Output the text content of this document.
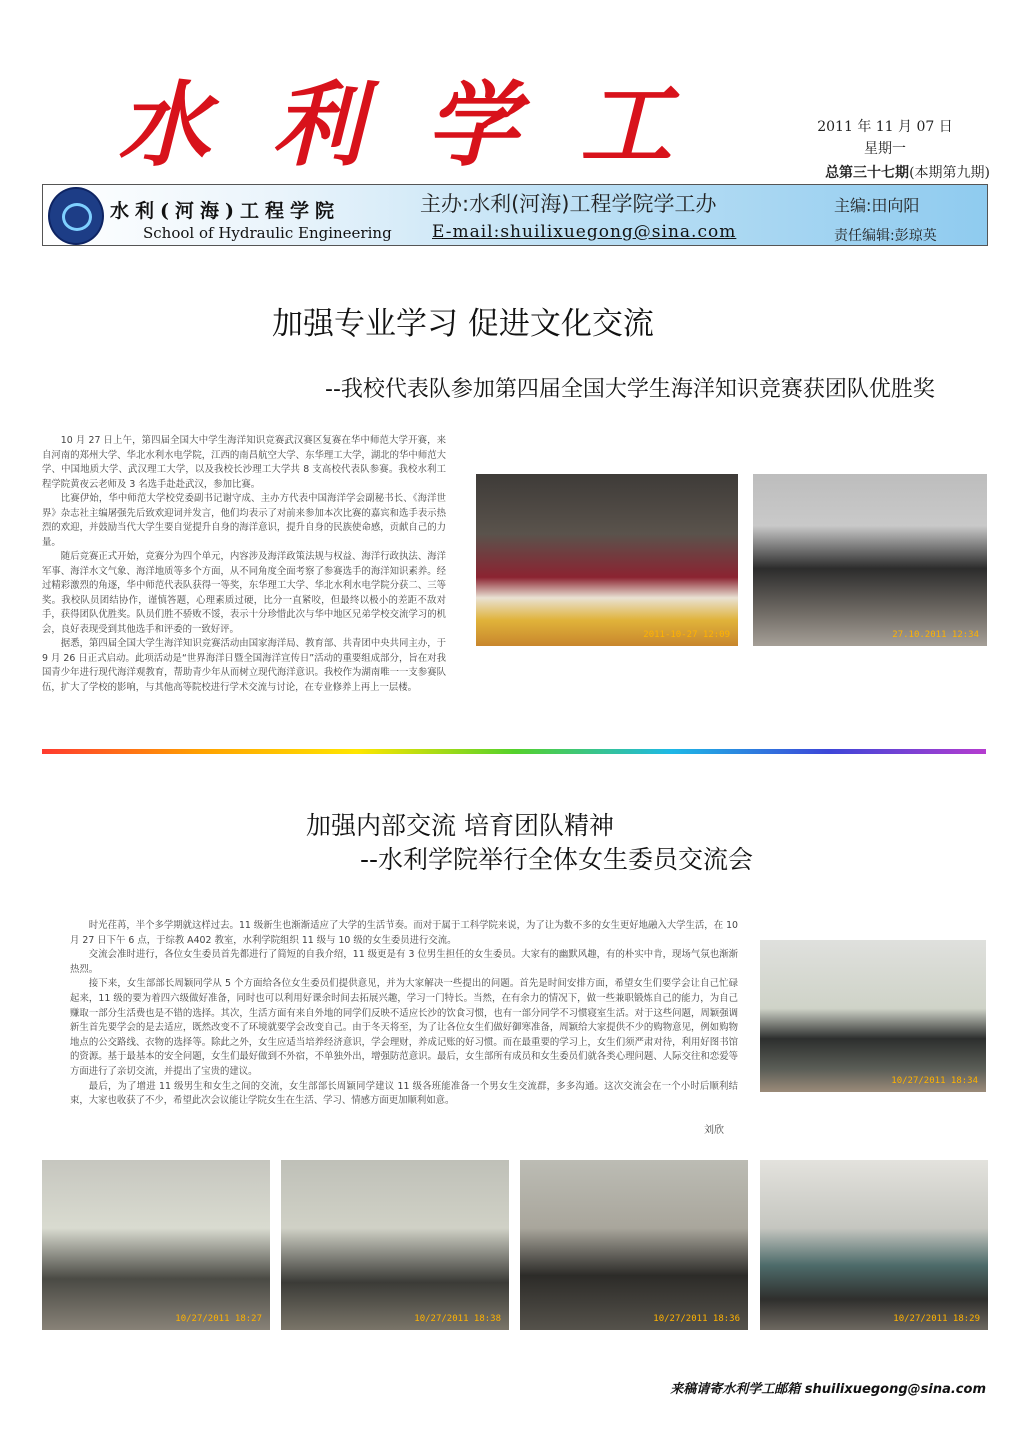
水利学工	2011 年 11 月 07 日
星期一
总第三十七期(本期第九期)
水利(河海)工程学院
School of Hydraulic Engineering
主办:水利(河海)工程学院学工办
E-mail:shuilixuegong@sina.com
主编:田向阳
责任编辑:彭琼英
加强专业学习 促进文化交流
--我校代表队参加第四届全国大学生海洋知识竞赛获团队优胜奖

10 月 27 日上午，第四届全国大中学生海洋知识竞赛武汉赛区复赛在华中师范大学开赛，来自河南的郑州大学、华北水利水电学院，江西的南昌航空大学、东华理工大学，湖北的华中师范大学、中国地质大学、武汉理工大学，以及我校长沙理工大学共 8 支高校代表队参赛。我校水利工程学院黄夜云老师及 3 名选手赴赴武汉，参加比赛。

比赛伊始，华中师范大学校党委副书记谢守成、主办方代表中国海洋学会副秘书长、《海洋世界》杂志社主编屠强先后致欢迎词并发言，他们均表示了对前来参加本次比赛的嘉宾和选手表示热烈的欢迎，并鼓励当代大学生要自觉提升自身的海洋意识，提升自身的民族使命感，贡献自己的力量。

随后竞赛正式开始，竞赛分为四个单元，内容涉及海洋政策法规与权益、海洋行政执法、海洋军事、海洋水文气象、海洋地质等多个方面，从不同角度全面考察了参赛选手的海洋知识素养。经过精彩激烈的角逐，华中师范代表队获得一等奖，东华理工大学、华北水利水电学院分获二、三等奖。我校队员团结协作，谨慎答题，心理素质过硬，比分一直紧咬，但最终以极小的差距不敌对手，获得团队优胜奖。队员们胜不骄败不馁，表示十分珍惜此次与华中地区兄弟学校交流学习的机会，良好表现受到其他选手和评委的一致好评。

据悉，第四届全国大学生海洋知识竞赛活动由国家海洋局、教育部、共青团中央共同主办，于 9 月 26 日正式启动。此项活动是“世界海洋日暨全国海洋宣传日”活动的重要组成部分，旨在对我国青少年进行现代海洋观教育，帮助青少年从而树立现代海洋意识。我校作为湖南唯一一支参赛队伍，扩大了学校的影响，与其他高等院校进行学术交流与讨论，在专业修养上再上一层楼。

2011-10-27 12:09	27.10.2011 12:34
加强内部交流 培育团队精神
--水利学院举行全体女生委员交流会

时光荏苒，半个多学期就这样过去。11 级新生也渐渐适应了大学的生活节奏。而对于属于工科学院来说，为了让为数不多的女生更好地融入大学生活，在 10 月 27 日下午 6 点，于综教 A402 教室，水利学院组织 11 级与 10 级的女生委员进行交流。

交流会准时进行，各位女生委员首先都进行了简短的自我介绍，11 级更是有 3 位男生担任的女生委员。大家有的幽默风趣，有的朴实中肯，现场气氛也渐渐热烈。

接下来，女生部部长周颖同学从 5 个方面给各位女生委员们提供意见，并为大家解决一些提出的问题。首先是时间安排方面，希望女生们要学会让自己忙碌起来，11 级的要为着四六级做好准备，同时也可以利用好课余时间去拓展兴趣，学习一门特长。当然，在有余力的情况下，做一些兼职锻炼自己的能力，为自己赚取一部分生活费也是不错的选择。其次，生活方面有来自外地的同学们反映不适应长沙的饮食习惯，也有一部分同学不习惯寝室生活。对于这些问题，周颖强调新生首先要学会的是去适应，既然改变不了环境就要学会改变自己。由于冬天将至，为了让各位女生们做好御寒准备，周颖给大家提供不少的购物意见，例如购物地点的公交路线、衣物的选择等。除此之外，女生应适当培养经济意识，学会理财，养成记账的好习惯。而在最重要的学习上，女生们须严肃对待，利用好图书馆的资源。基于最基本的安全问题，女生们最好做到不外宿，不单独外出，增强防范意识。最后，女生部所有成员和女生委员们就各类心理问题、人际交往和恋爱等方面进行了亲切交流，并提出了宝贵的建议。

最后，为了增进 11 级男生和女生之间的交流，女生部部长周颖同学建议 11 级各班能准备一个男女生交流群，多多沟通。这次交流会在一个小时后顺利结束，大家也收获了不少，希望此次会议能让学院女生在生活、学习、情感方面更加顺利如意。

刘欣
10/27/2011 18:34
10/27/2011 18:27	10/27/2011 18:38	10/27/2011 18:36	10/27/2011 18:29
来稿请寄水利学工邮箱 shuilixuegong@sina.com
